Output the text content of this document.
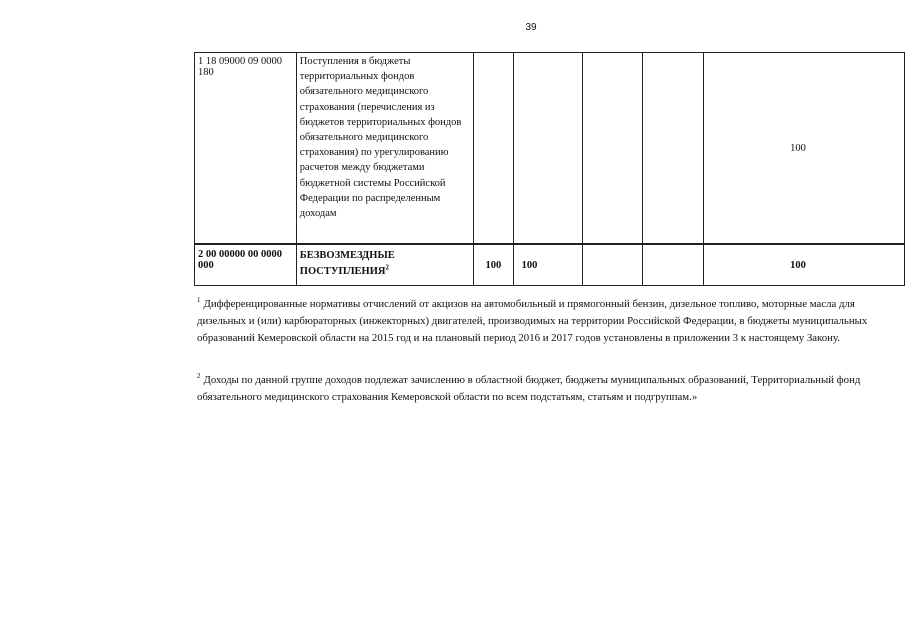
39
1 18 09000 09 0000 180	Поступления в бюджеты территориальных фондов обязательного медицинского страхования (перечисления из бюджетов территориальных фондов обязательного медицинского страхования) по урегулированию расчетов между бюджетами бюджетной системы Российской Федерации по распределенным доходам					100
2 00 00000 00 0000 000	БЕЗВОЗМЕЗДНЫЕ ПОСТУПЛЕНИЯ$^2$	100	100			100
$^1$ Дифференцированные нормативы отчислений от акцизов на автомобильный и прямогонный бензин, дизельное топливо, моторные масла для дизельных и (или) карбюраторных (инжекторных) двигателей, производимых на территории Российской Федерации, в бюджеты муниципальных образований Кемеровской области на 2015 год и на плановый период 2016 и 2017 годов установлены в приложении 3 к настоящему Закону.
$^2$ Доходы по данной группе доходов подлежат зачислению в областной бюджет, бюджеты муниципальных образований, Территориальный фонд обязательного медицинского страхования Кемеровской области по всем подстатьям, статьям и подгруппам.»
